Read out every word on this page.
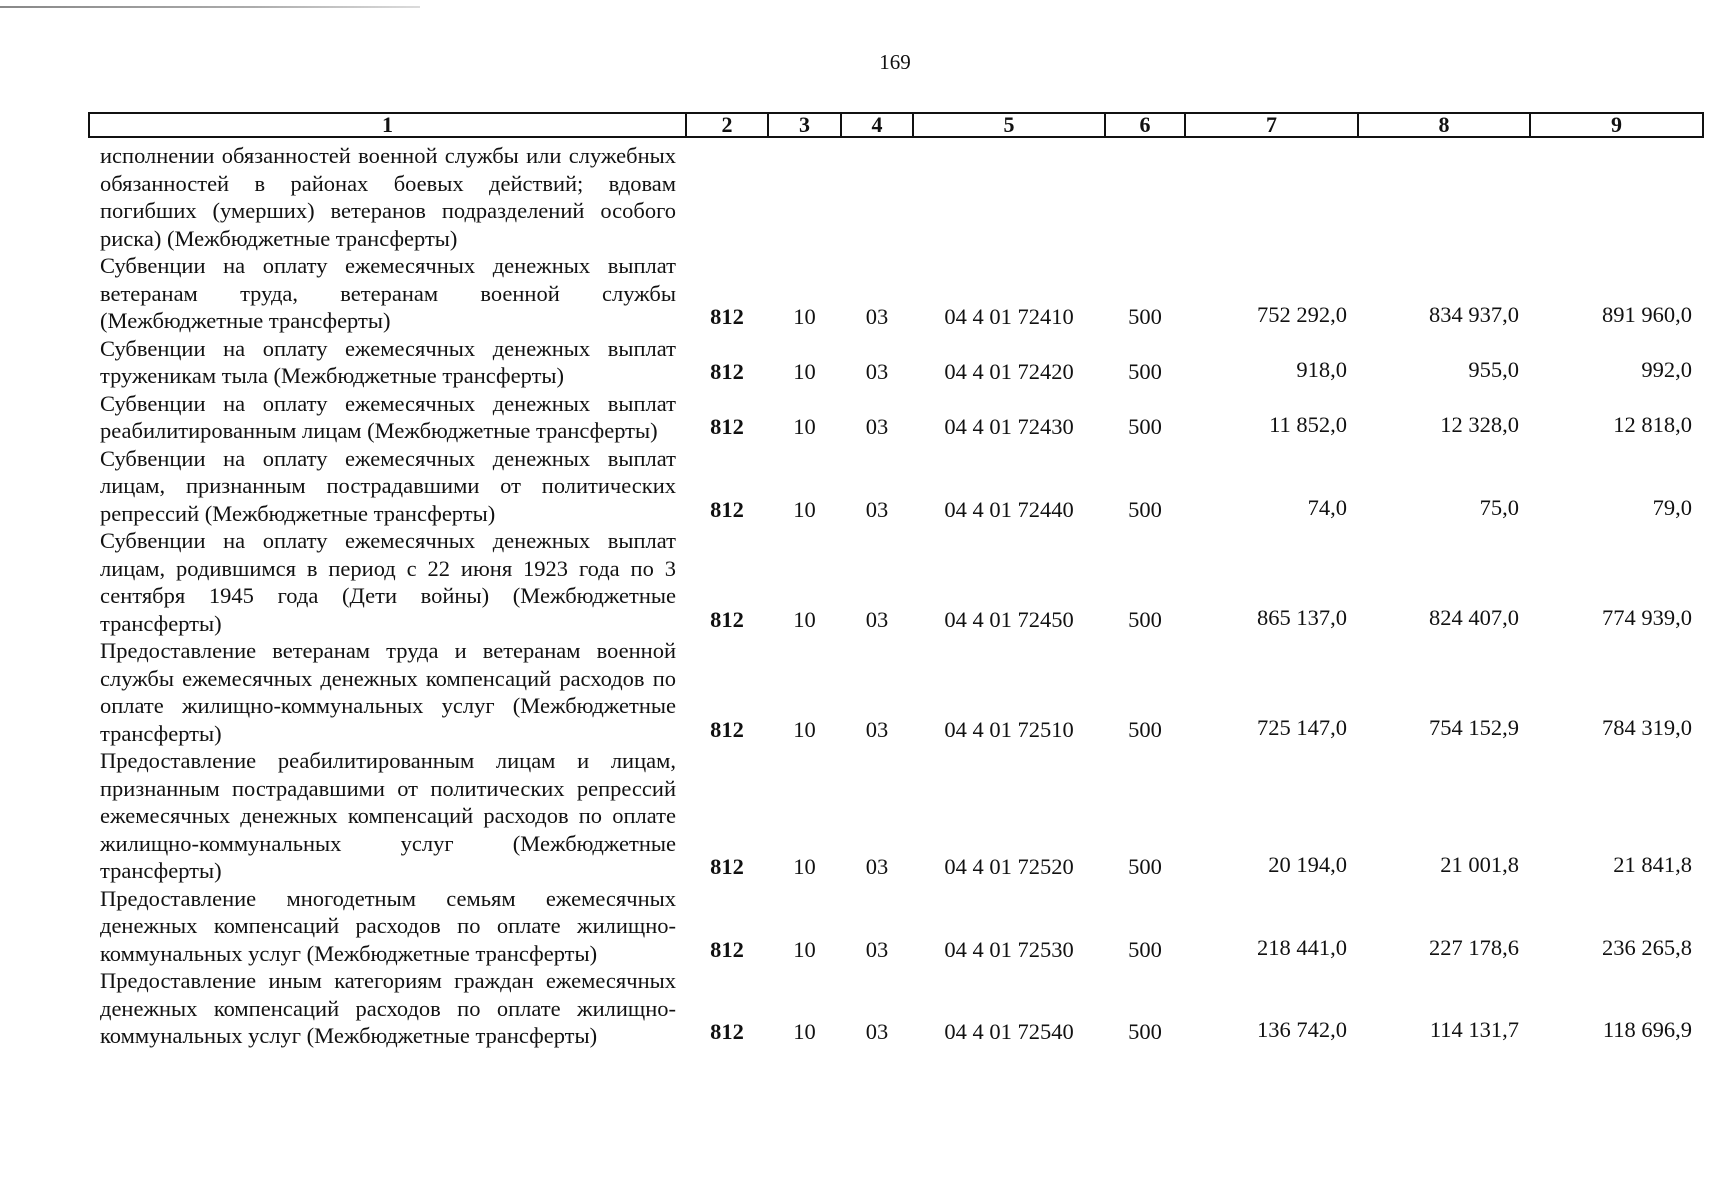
169
1	2	3	4	5	6	7	8	9
исполнении обязанностей военной службы или служебных обязанностей в районах боевых действий; вдовам погибших (умерших) ветеранов подразделений особого риска) (Межбюджетные трансферты)								
Субвенции на оплату ежемесячных денежных выплат ветеранам труда, ветеранам военной службы (Межбюджетные трансферты)	812	10	03	04 4 01 72410	500	752 292,0	834 937,0	891 960,0
Субвенции на оплату ежемесячных денежных выплат труженикам тыла (Межбюджетные трансферты)	812	10	03	04 4 01 72420	500	918,0	955,0	992,0
Субвенции на оплату ежемесячных денежных выплат реабилитированным лицам (Межбюджетные трансферты)	812	10	03	04 4 01 72430	500	11 852,0	12 328,0	12 818,0
Субвенции на оплату ежемесячных денежных выплат лицам, признанным пострадавшими от политических репрессий (Межбюджетные трансферты)	812	10	03	04 4 01 72440	500	74,0	75,0	79,0
Субвенции на оплату ежемесячных денежных выплат лицам, родившимся в период с 22 июня 1923 года по 3 сентября 1945 года (Дети войны) (Межбюджетные трансферты)	812	10	03	04 4 01 72450	500	865 137,0	824 407,0	774 939,0
Предоставление ветеранам труда и ветеранам военной службы ежемесячных денежных компенсаций расходов по оплате жилищно-коммунальных услуг (Межбюджетные трансферты)	812	10	03	04 4 01 72510	500	725 147,0	754 152,9	784 319,0
Предоставление реабилитированным лицам и лицам, признанным пострадавшими от политических репрессий ежемесячных денежных компенсаций расходов по оплате жилищно-коммунальных услуг (Межбюджетные трансферты)	812	10	03	04 4 01 72520	500	20 194,0	21 001,8	21 841,8
Предоставление многодетным семьям ежемесячных денежных компенсаций расходов по оплате жилищно-коммунальных услуг (Межбюджетные трансферты)	812	10	03	04 4 01 72530	500	218 441,0	227 178,6	236 265,8
Предоставление иным категориям граждан ежемесячных денежных компенсаций расходов по оплате жилищно-коммунальных услуг (Межбюджетные трансферты)	812	10	03	04 4 01 72540	500	136 742,0	114 131,7	118 696,9
